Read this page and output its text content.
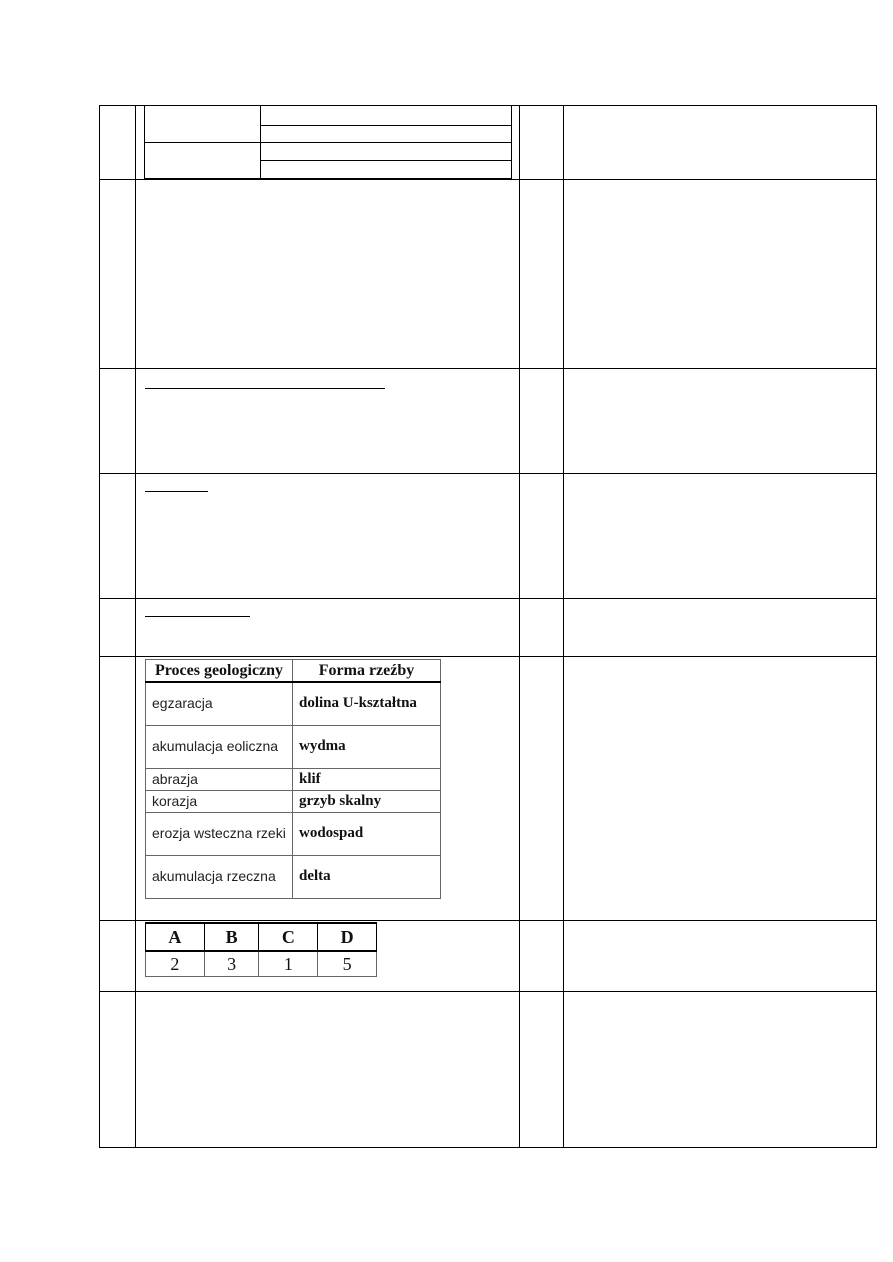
Proces geologiczny	Forma rzeźby
egzaracja	dolina U-kształtna
akumulacja eoliczna	wydma
abrazja	klif
korazja	grzyb skalny
erozja wsteczna rzeki	wodospad
akumulacja rzeczna	delta
A	B	C	D
2	3	1	5
